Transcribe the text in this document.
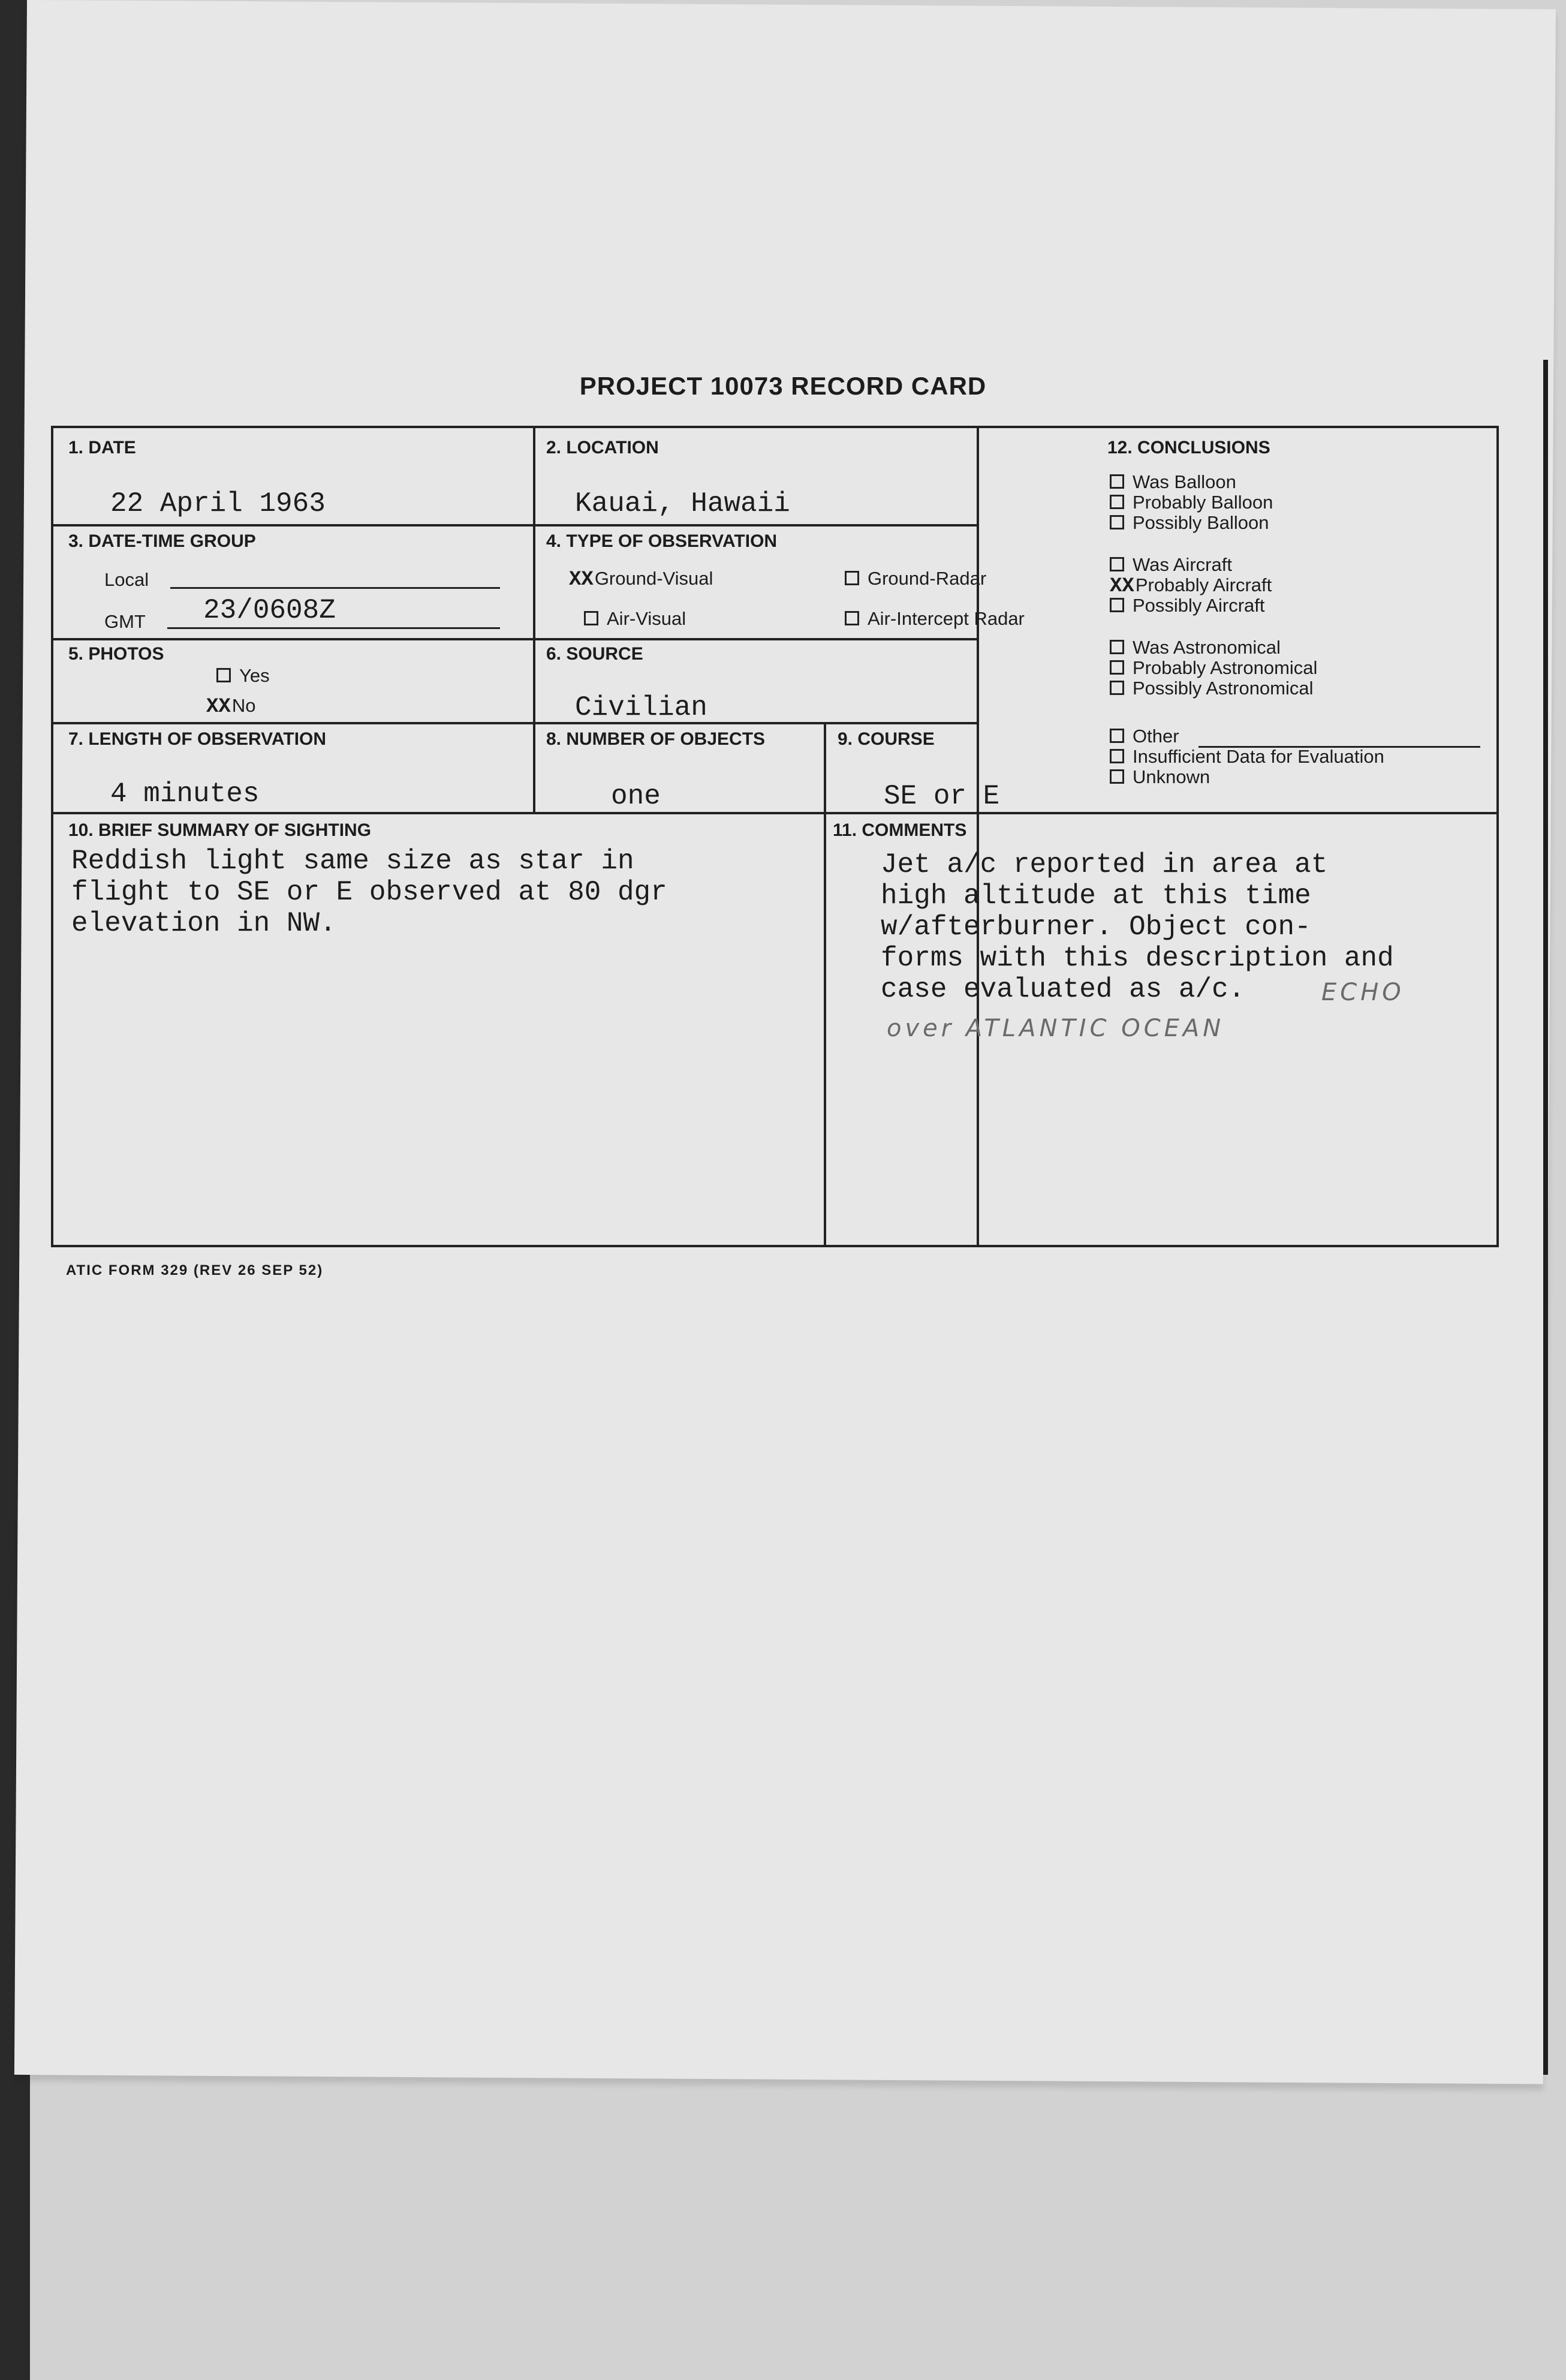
PROJECT 10073 RECORD CARD
1. DATE
22 April 1963
2. LOCATION
Kauai, Hawaii
3. DATE-TIME GROUP
Local
GMT 23/0608Z
4. TYPE OF OBSERVATION
XXGround-Visual	Ground-Radar
Air-Visual	Air-Intercept Radar
5. PHOTOS
Yes
XXNo
6. SOURCE
Civilian
7. LENGTH OF OBSERVATION
4 minutes
8. NUMBER OF OBJECTS
one
9. COURSE
SE or E
10. BRIEF SUMMARY OF SIGHTING
Reddish light same size as star in
flight to SE or E observed at 80 dgr
elevation in NW.
11. COMMENTS
Jet a/c reported in area at
high altitude at this time
w/afterburner. Object con-
forms with this description and
case evaluated as a/c.	ECHO
over ATLANTIC OCEAN
12. CONCLUSIONS
Was Balloon
Probably Balloon
Possibly Balloon
Was Aircraft
XXProbably Aircraft
Possibly Aircraft
Was Astronomical
Probably Astronomical
Possibly Astronomical
Other
Insufficient Data for Evaluation
Unknown
ATIC FORM 329 (REV 26 SEP 52)
